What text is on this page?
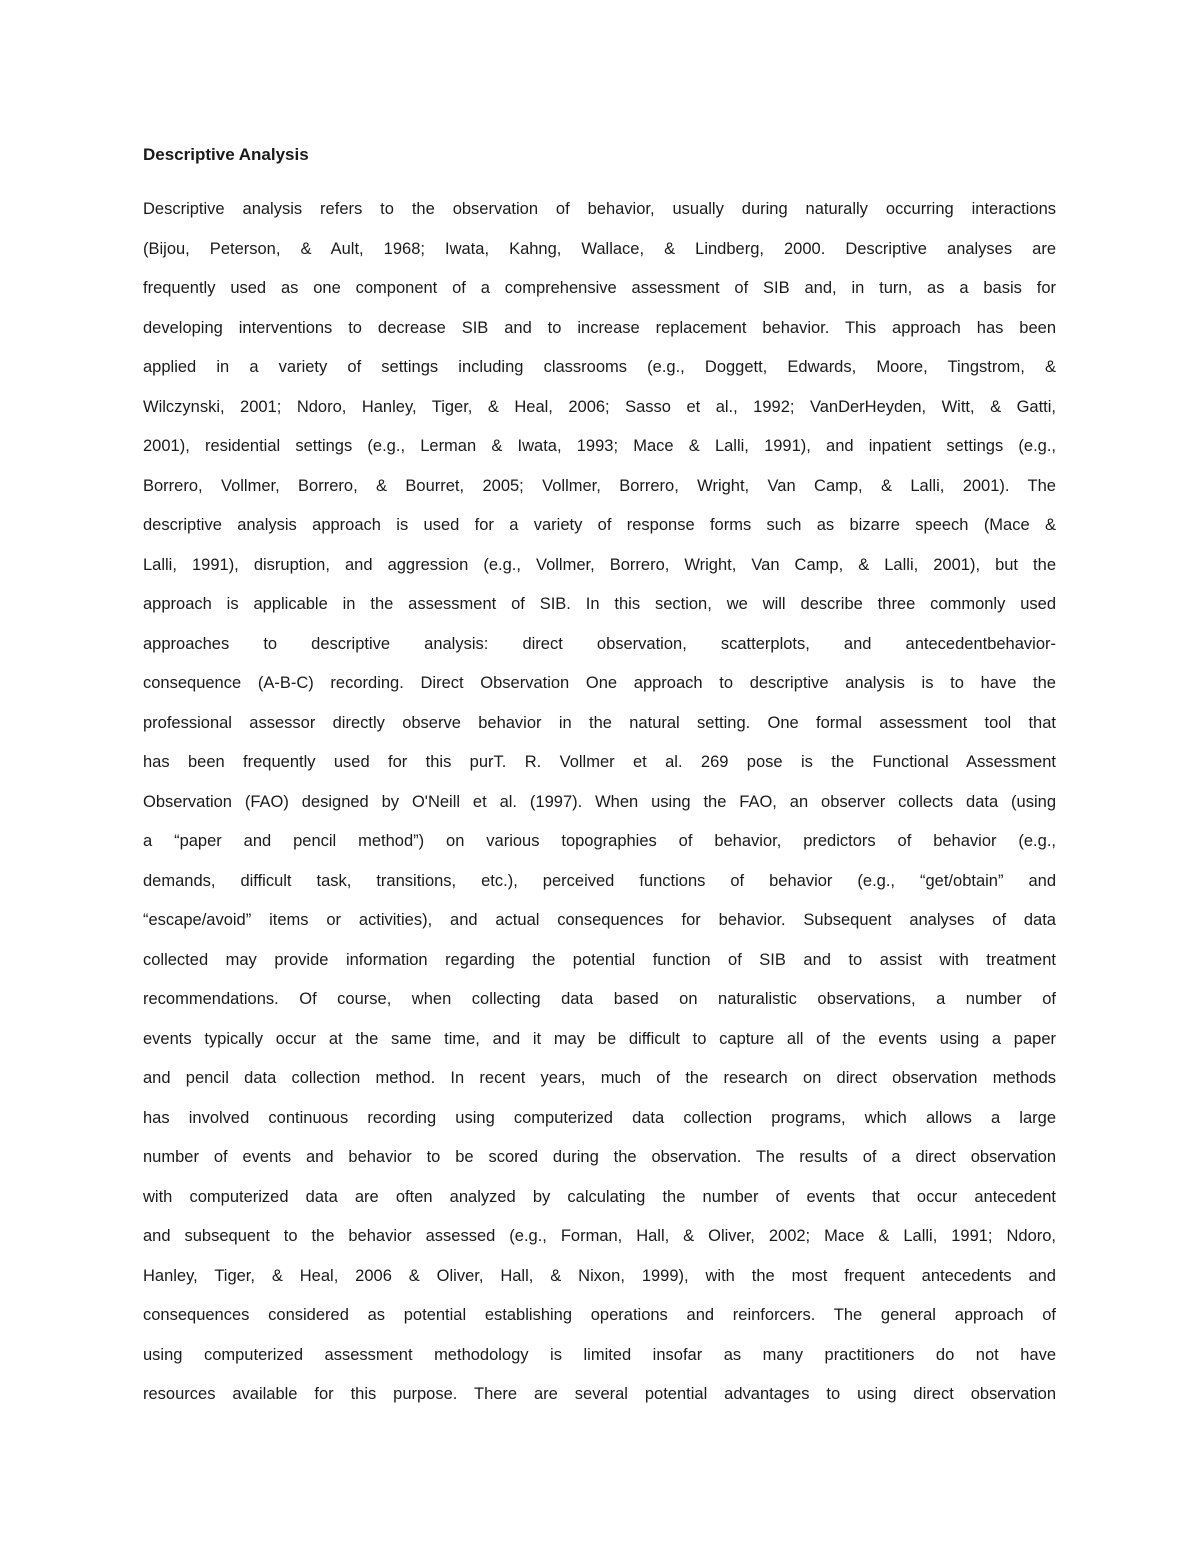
Descriptive Analysis
Descriptive analysis refers to the observation of behavior, usually during naturally occurring interactions
(Bijou, Peterson, & Ault, 1968; Iwata, Kahng, Wallace, & Lindberg, 2000. Descriptive analyses are
frequently used as one component of a comprehensive assessment of SIB and, in turn, as a basis for
developing interventions to decrease SIB and to increase replacement behavior. This approach has been
applied in a variety of settings including classrooms (e.g., Doggett, Edwards, Moore, Tingstrom, &
Wilczynski, 2001; Ndoro, Hanley, Tiger, & Heal, 2006; Sasso et al., 1992; VanDerHeyden, Witt, & Gatti,
2001), residential settings (e.g., Lerman & Iwata, 1993; Mace & Lalli, 1991), and inpatient settings (e.g.,
Borrero, Vollmer, Borrero, & Bourret, 2005; Vollmer, Borrero, Wright, Van Camp, & Lalli, 2001). The
descriptive analysis approach is used for a variety of response forms such as bizarre speech (Mace &
Lalli, 1991), disruption, and aggression (e.g., Vollmer, Borrero, Wright, Van Camp, & Lalli, 2001), but the
approach is applicable in the assessment of SIB. In this section, we will describe three commonly used
approaches to descriptive analysis: direct observation, scatterplots, and antecedentbehavior-
consequence (A-B-C) recording. Direct Observation One approach to descriptive analysis is to have the
professional assessor directly observe behavior in the natural setting. One formal assessment tool that
has been frequently used for this purT. R. Vollmer et al. 269 pose is the Functional Assessment
Observation (FAO) designed by O'Neill et al. (1997). When using the FAO, an observer collects data (using
a “paper and pencil method”) on various topographies of behavior, predictors of behavior (e.g.,
demands, difficult task, transitions, etc.), perceived functions of behavior (e.g., “get/obtain” and
“escape/avoid” items or activities), and actual consequences for behavior. Subsequent analyses of data
collected may provide information regarding the potential function of SIB and to assist with treatment
recommendations. Of course, when collecting data based on naturalistic observations, a number of
events typically occur at the same time, and it may be difficult to capture all of the events using a paper
and pencil data collection method. In recent years, much of the research on direct observation methods
has involved continuous recording using computerized data collection programs, which allows a large
number of events and behavior to be scored during the observation. The results of a direct observation
with computerized data are often analyzed by calculating the number of events that occur antecedent
and subsequent to the behavior assessed (e.g., Forman, Hall, & Oliver, 2002; Mace & Lalli, 1991; Ndoro,
Hanley, Tiger, & Heal, 2006 & Oliver, Hall, & Nixon, 1999), with the most frequent antecedents and
consequences considered as potential establishing operations and reinforcers. The general approach of
using computerized assessment methodology is limited insofar as many practitioners do not have
resources available for this purpose. There are several potential advantages to using direct observation
